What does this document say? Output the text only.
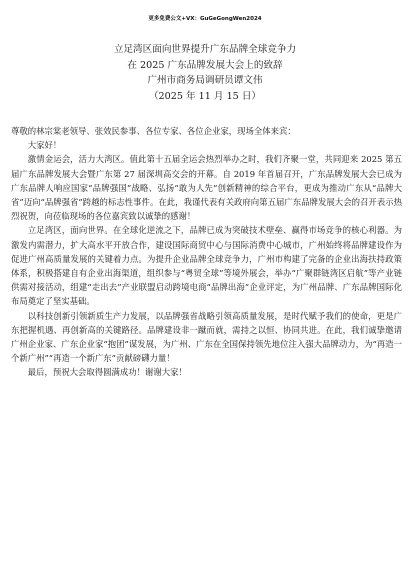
更多免费公文+VX：GuGeGongWen2024
立足湾区面向世界提升广东品牌全球竞争力
在 2025 广东品牌发展大会上的致辞
广州市商务局调研员谭文伟
（2025 年 11 月 15 日）

尊敬的林宗棠老领导、张效民参事、各位专家、各位企业家，现场全体来宾：

大家好！

激情金运会，活力大湾区。值此第十五届全运会热烈举办之时，我们齐聚一堂，共同迎来 2025 第五届广东品牌发展大会暨广东第 27 届深圳高交会的开幕。自 2019 年首届召开，广东品牌发展大会已成为广东品牌人响应国家“品牌强国”战略、弘扬“敢为人先”创新精神的综合平台，更成为推动广东从“品牌大省”迈向“品牌强省”跨越的标志性事件。在此，我谨代表有关政府向第五届广东品牌发展大会的召开表示热烈祝贺，向莅临现场的各位嘉宾致以诚挚的感谢！

立足湾区，面向世界。在全球化逆流之下，品牌已成为突破技术壁垒、赢得市场竞争的核心利器。为激发内需潜力，扩大高水平开放合作，建设国际商贸中心与国际消费中心城市，广州始终将品牌建设作为促进广州高质量发展的关键着力点。为提升企业品牌全球竞争力，广州市构建了完备的企业出海扶持政策体系，积极搭建自有企业出海渠道，组织参与“粤贸全球”等境外展会，举办“广聚群链湾区启航”等产业链供需对接活动，组建“走出去”产业联盟启动跨境电商“品牌出海”企业评定，为广州品牌、广东品牌国际化布局奠定了坚实基础。

以科技创新引领新质生产力发展，以品牌强省战略引领高质量发展，是时代赋予我们的使命，更是广东把握机遇、再创新高的关键路径。品牌建设非一蹴而就，需持之以恒、协同共进。在此，我们诚挚邀请广州企业家、广东企业家“抱团”谋发展，为广州、广东在全国保持领先地位注入强大品牌动力，为“再造一个新广州”“再造一个新广东”贡献磅礴力量！

最后，预祝大会取得圆满成功！谢谢大家！
